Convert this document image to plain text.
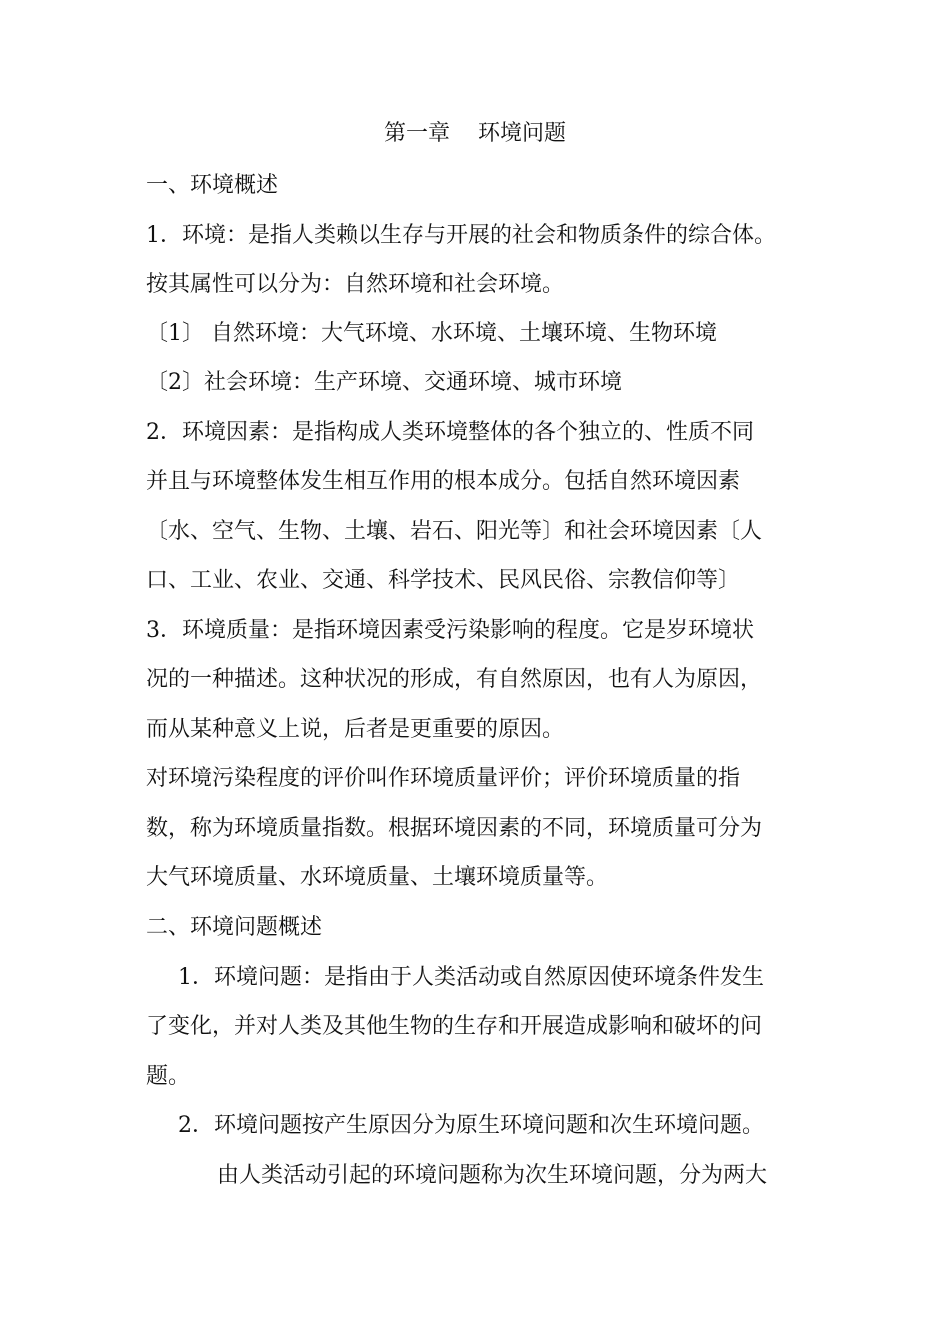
第一章    环境问题
一、环境概述
1．环境：是指人类赖以生存与开展的社会和物质条件的综合体。
按其属性可以分为：自然环境和社会环境。
〔1〕 自然环境：大气环境、水环境、土壤环境、生物环境
〔2〕社会环境：生产环境、交通环境、城市环境
2．环境因素：是指构成人类环境整体的各个独立的、性质不同
并且与环境整体发生相互作用的根本成分。包括自然环境因素
〔水、空气、生物、土壤、岩石、阳光等〕和社会环境因素〔人
口、工业、农业、交通、科学技术、民风民俗、宗教信仰等〕
3．环境质量：是指环境因素受污染影响的程度。它是岁环境状
况的一种描述。这种状况的形成，有自然原因，也有人为原因，
而从某种意义上说，后者是更重要的原因。
对环境污染程度的评价叫作环境质量评价；评价环境质量的指
数，称为环境质量指数。根据环境因素的不同，环境质量可分为
大气环境质量、水环境质量、土壤环境质量等。
二、环境问题概述
1．环境问题：是指由于人类活动或自然原因使环境条件发生
了变化，并对人类及其他生物的生存和开展造成影响和破坏的问
题。
2．环境问题按产生原因分为原生环境问题和次生环境问题。
由人类活动引起的环境问题称为次生环境问题，分为两大
